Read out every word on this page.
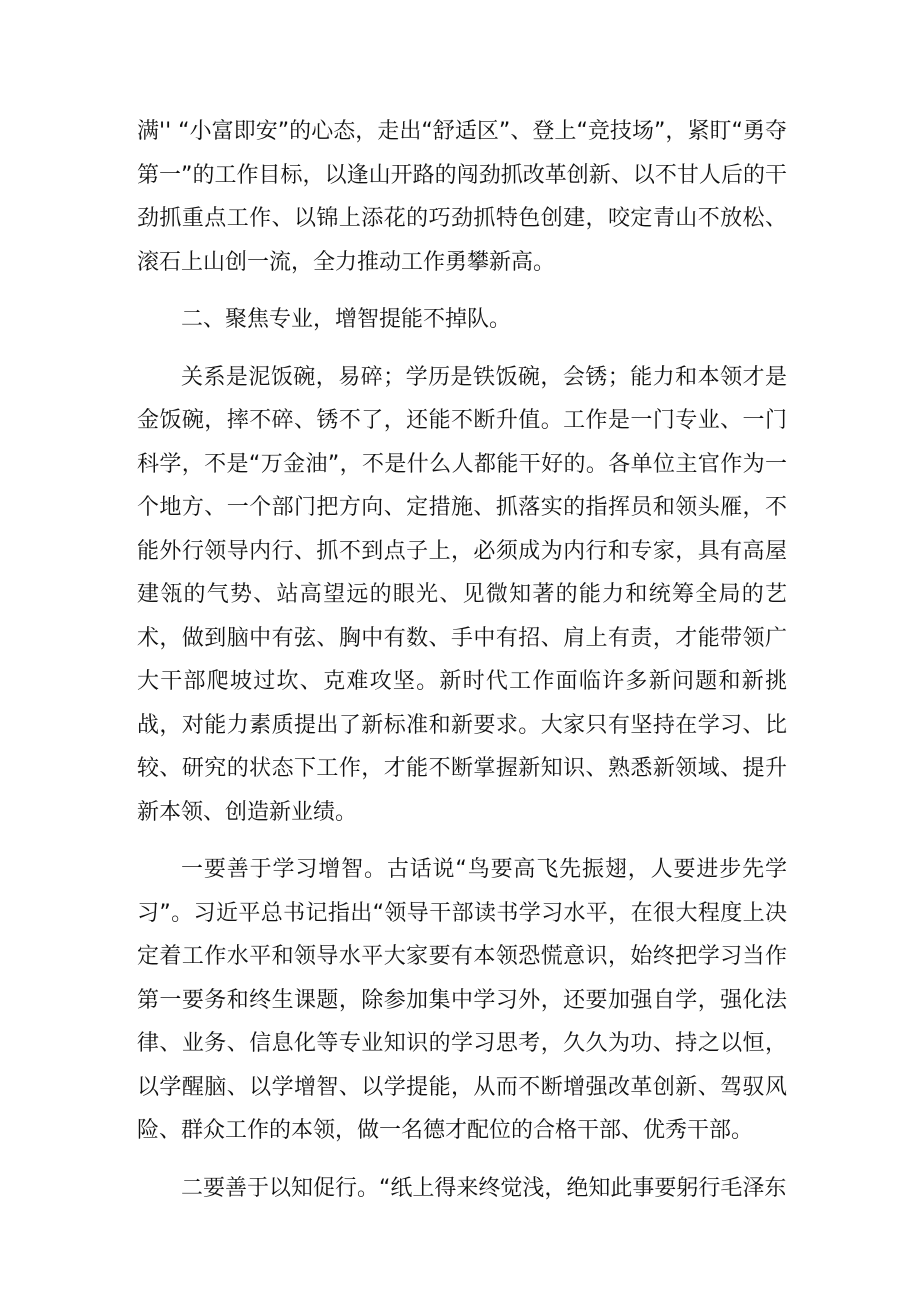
满'' “小富即安”的心态，走出“舒适区”、登上“竞技场”，紧盯“勇夺第一”的工作目标，以逢山开路的闯劲抓改革创新、以不甘人后的干劲抓重点工作、以锦上添花的巧劲抓特色创建，咬定青山不放松、滚石上山创一流，全力推动工作勇攀新高。

二、聚焦专业，增智提能不掉队。

关系是泥饭碗，易碎；学历是铁饭碗，会锈；能力和本领才是金饭碗，摔不碎、锈不了，还能不断升值。工作是一门专业、一门科学，不是“万金油”，不是什么人都能干好的。各单位主官作为一个地方、一个部门把方向、定措施、抓落实的指挥员和领头雁，不能外行领导内行、抓不到点子上，必须成为内行和专家，具有高屋建瓴的气势、站高望远的眼光、见微知著的能力和统筹全局的艺术，做到脑中有弦、胸中有数、手中有招、肩上有责，才能带领广大干部爬坡过坎、克难攻坚。新时代工作面临许多新问题和新挑战，对能力素质提出了新标准和新要求。大家只有坚持在学习、比较、研究的状态下工作，才能不断掌握新知识、熟悉新领域、提升新本领、创造新业绩。

一要善于学习增智。古话说“鸟要高飞先振翅，人要进步先学习”。习近平总书记指出“领导干部读书学习水平，在很大程度上决定着工作水平和领导水平大家要有本领恐慌意识，始终把学习当作第一要务和终生课题，除参加集中学习外，还要加强自学，强化法律、业务、信息化等专业知识的学习思考，久久为功、持之以恒，以学醒脑、以学增智、以学提能，从而不断增强改革创新、驾驭风险、群众工作的本领，做一名德才配位的合格干部、优秀干部。

二要善于以知促行。“纸上得来终觉浅，绝知此事要躬行毛泽东
